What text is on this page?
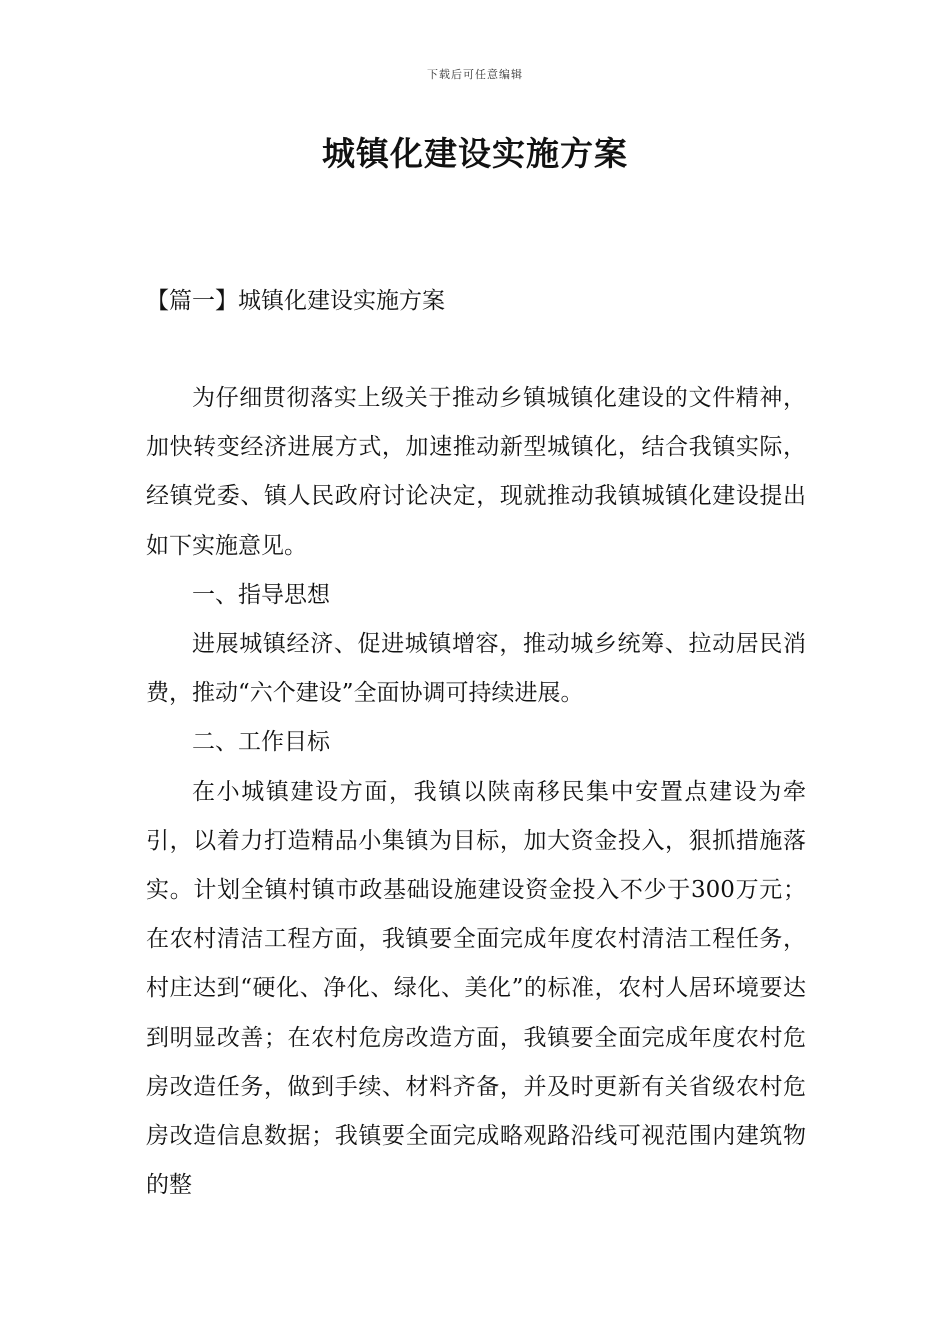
下载后可任意编辑
城镇化建设实施方案
【篇一】城镇化建设实施方案

为仔细贯彻落实上级关于推动乡镇城镇化建设的文件精神，加快转变经济进展方式，加速推动新型城镇化，结合我镇实际，经镇党委、镇人民政府讨论决定，现就推动我镇城镇化建设提出如下实施意见。

一、指导思想

进展城镇经济、促进城镇增容，推动城乡统筹、拉动居民消费，推动“六个建设”全面协调可持续进展。

二、工作目标

在小城镇建设方面，我镇以陕南移民集中安置点建设为牵引，以着力打造精品小集镇为目标，加大资金投入，狠抓措施落实。计划全镇村镇市政基础设施建设资金投入不少于300万元；在农村清洁工程方面，我镇要全面完成年度农村清洁工程任务，村庄达到“硬化、净化、绿化、美化”的标准，农村人居环境要达到明显改善；在农村危房改造方面，我镇要全面完成年度农村危房改造任务，做到手续、材料齐备，并及时更新有关省级农村危房改造信息数据；我镇要全面完成略观路沿线可视范围内建筑物的整
